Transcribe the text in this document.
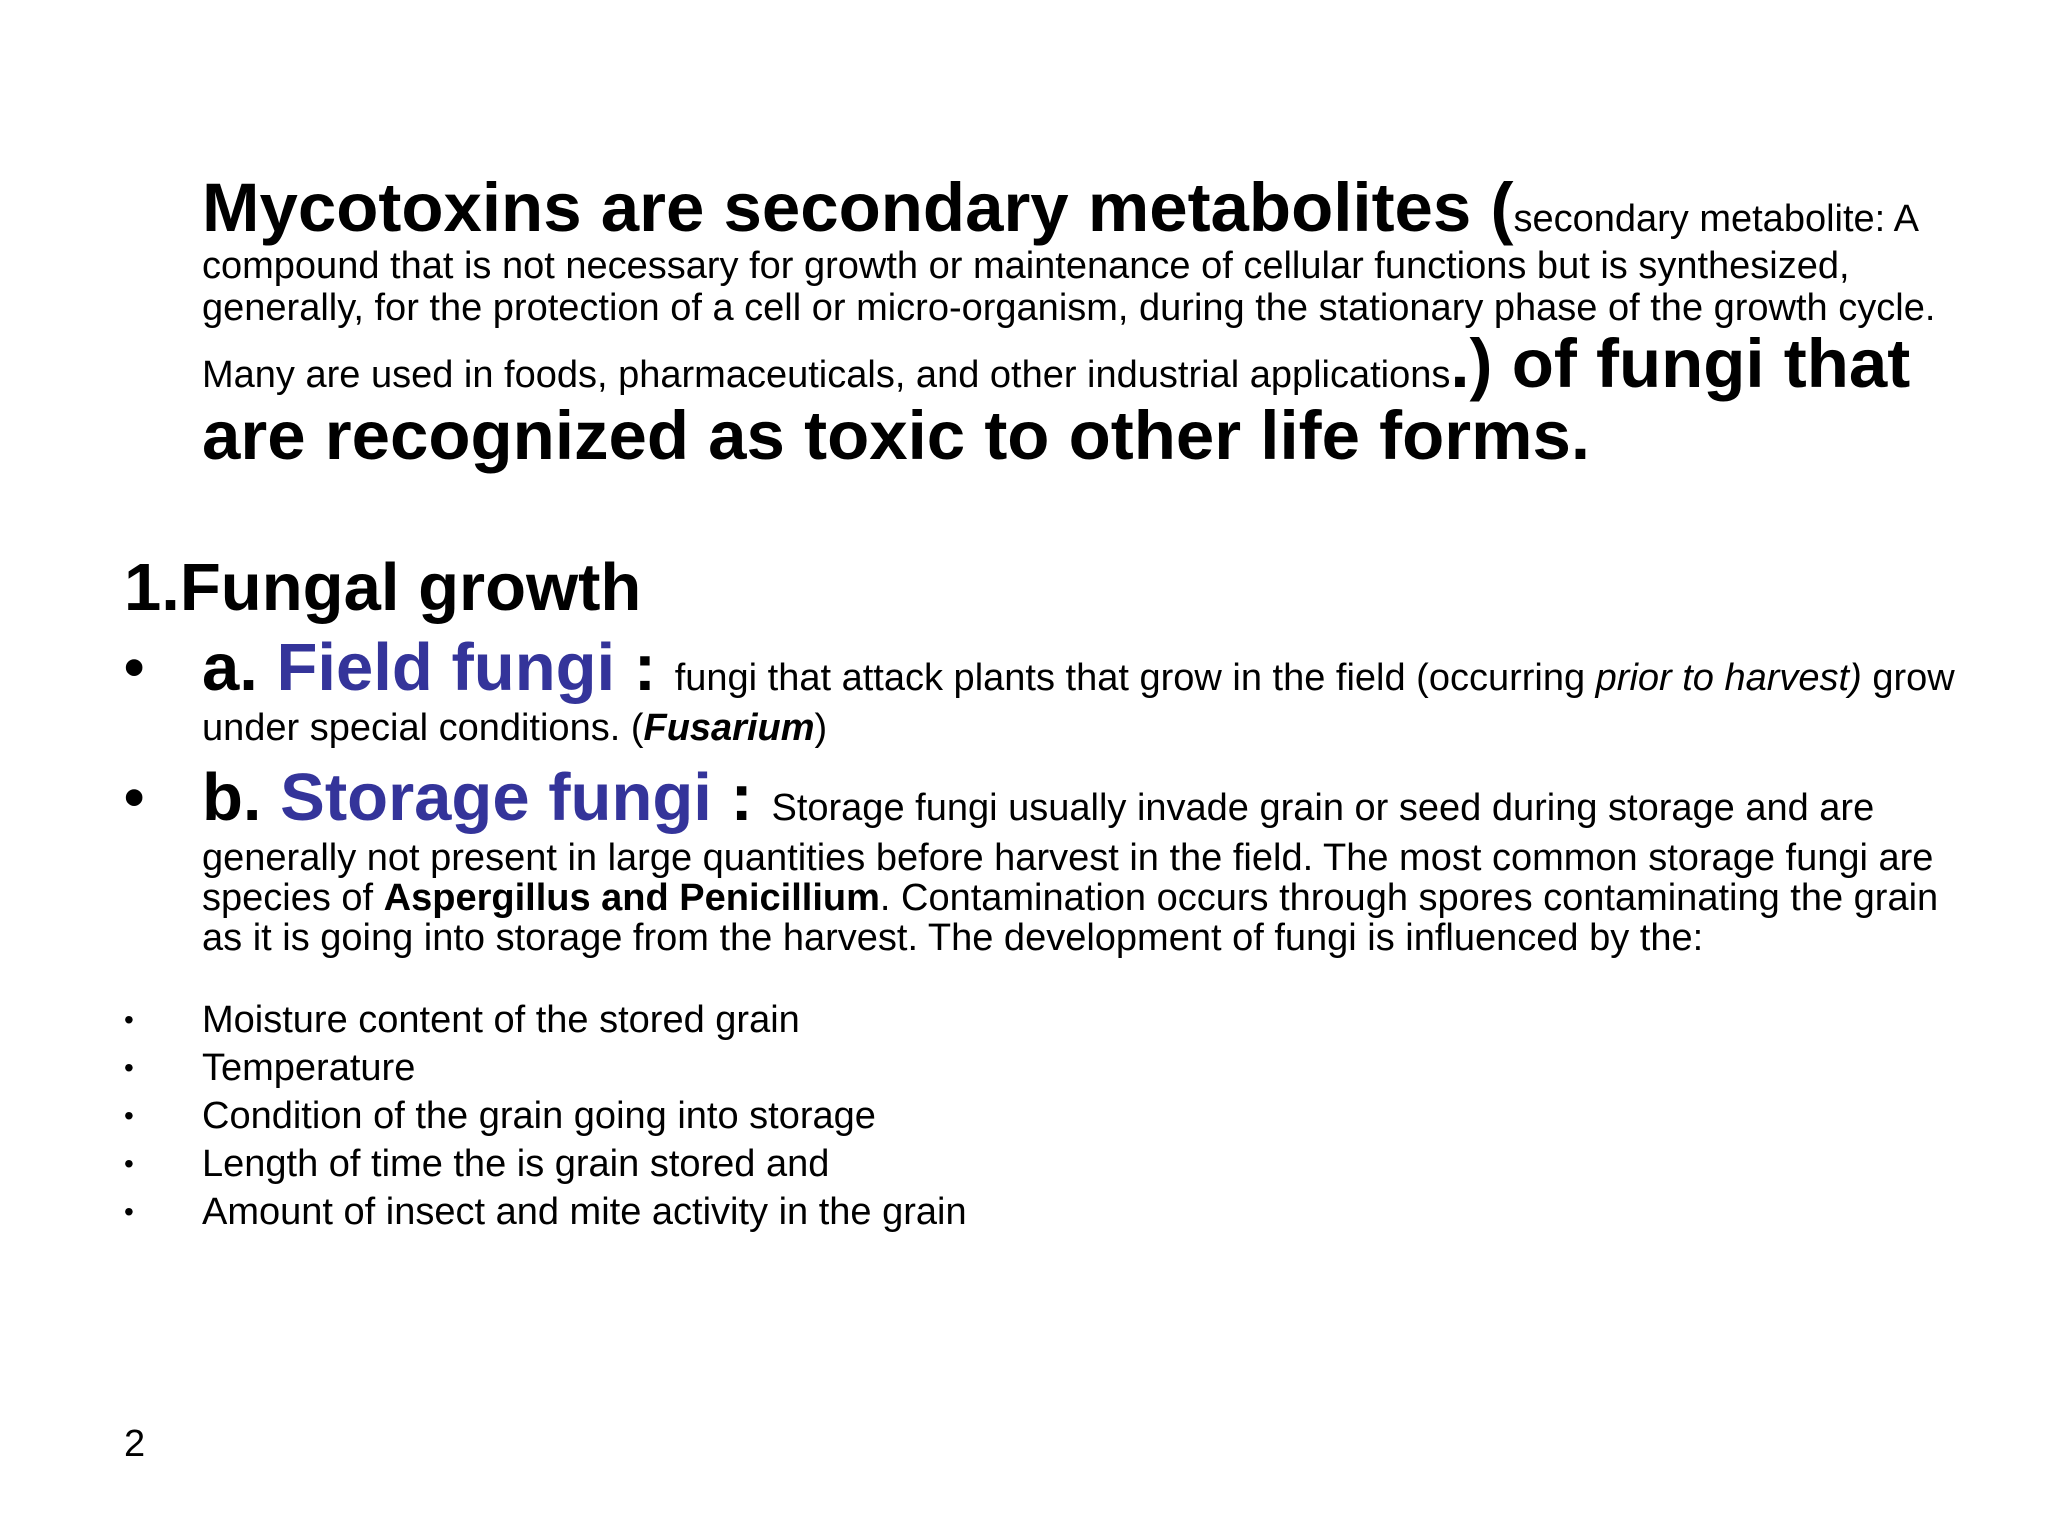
Mycotoxins are secondary metabolites (secondary metabolite: A compound that is not necessary for growth or maintenance of cellular functions but is synthesized, generally, for the protection of a cell or micro-organism, during the stationary phase of the growth cycle. Many are used in foods, pharmaceuticals, and other industrial applications.) of fungi that are recognized as toxic to other life forms.

1.Fungal growth
• a. Field fungi : fungi that attack plants that grow in the field (occurring prior to harvest) grow under special conditions. (Fusarium)
• b. Storage fungi : Storage fungi usually invade grain or seed during storage and are generally not present in large quantities before harvest in the field. The most common storage fungi are species of Aspergillus and Penicillium. Contamination occurs through spores contaminating the grain as it is going into storage from the harvest. The development of fungi is influenced by the:
• Moisture content of the stored grain
• Temperature
• Condition of the grain going into storage
• Length of time the is grain stored and
• Amount of insect and mite activity in the grain
2
